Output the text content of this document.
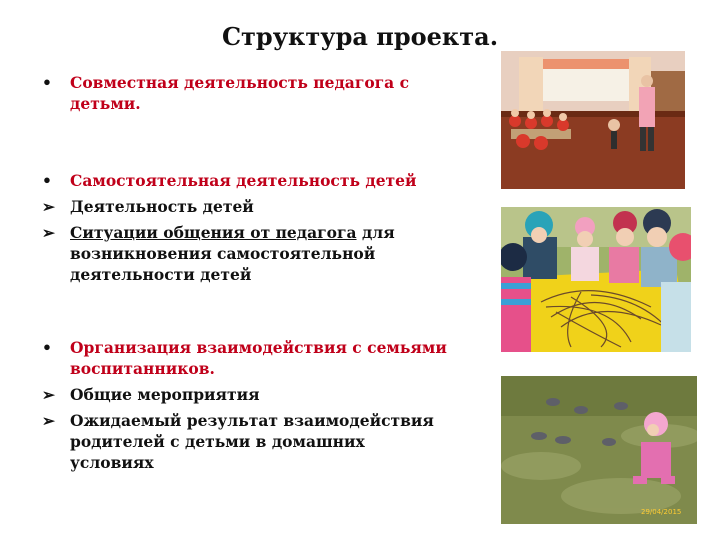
Структура проекта.
•	Совместная деятельность педагога с детьми.
•	Самостоятельная деятельность детей
➢ Деятельность детей
➢ Ситуации общения от педагога для возникновения самостоятельной деятельности детей
•	Организация взаимодействия с семьями воспитанников.
➢ Общие мероприятия
➢ Ожидаемый результат взаимодействия родителей с детьми в домашних условиях
29/04/2015
